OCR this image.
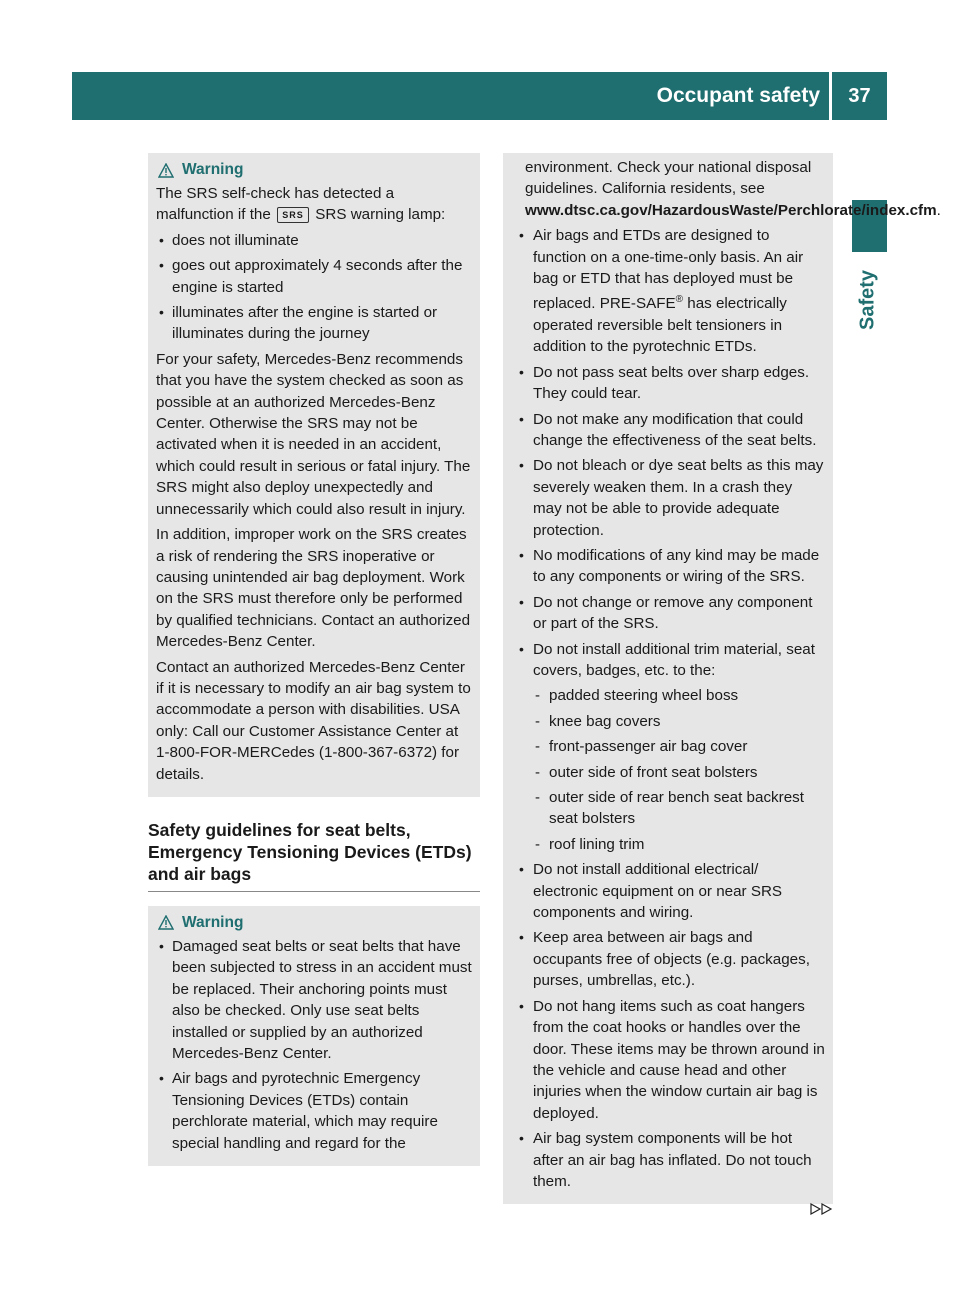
Occupant safety	37
Safety
Warning

The SRS self-check has detected a malfunction if the SRS SRS warning lamp:

• does not illuminate
• goes out approximately 4 seconds after the engine is started
• illuminates after the engine is started or illuminates during the journey

For your safety, Mercedes-Benz recommends that you have the system checked as soon as possible at an authorized Mercedes-Benz Center. Otherwise the SRS may not be activated when it is needed in an accident, which could result in serious or fatal injury. The SRS might also deploy unexpectedly and unnecessarily which could also result in injury.

In addition, improper work on the SRS creates a risk of rendering the SRS inoperative or causing unintended air bag deployment. Work on the SRS must therefore only be performed by qualified technicians. Contact an authorized Mercedes-Benz Center.

Contact an authorized Mercedes-Benz Center if it is necessary to modify an air bag system to accommodate a person with disabilities. USA only: Call our Customer Assistance Center at 1-800-FOR-MERCedes (1-800-367-6372) for details.

Safety guidelines for seat belts, Emergency Tensioning Devices (ETDs) and air bags
Warning
• Damaged seat belts or seat belts that have been subjected to stress in an accident must be replaced. Their anchoring points must also be checked. Only use seat belts installed or supplied by an authorized Mercedes-Benz Center.
• Air bags and pyrotechnic Emergency Tensioning Devices (ETDs) contain perchlorate material, which may require special handling and regard for the

environment. Check your national disposal guidelines. California residents, see www.dtsc.ca.gov/HazardousWaste/Perchlorate/index.cfm.

• Air bags and ETDs are designed to function on a one-time-only basis. An air bag or ETD that has deployed must be replaced. PRE-SAFE® has electrically operated reversible belt tensioners in addition to the pyrotechnic ETDs.
• Do not pass seat belts over sharp edges. They could tear.
• Do not make any modification that could change the effectiveness of the seat belts.
• Do not bleach or dye seat belts as this may severely weaken them. In a crash they may not be able to provide adequate protection.
• No modifications of any kind may be made to any components or wiring of the SRS.
• Do not change or remove any component or part of the SRS.
• Do not install additional trim material, seat covers, badges, etc. to the:
- padded steering wheel boss
- knee bag covers
- front-passenger air bag cover
- outer side of front seat bolsters
- outer side of rear bench seat backrest seat bolsters
- roof lining trim
• Do not install additional electrical/ electronic equipment on or near SRS components and wiring.
• Keep area between air bags and occupants free of objects (e.g. packages, purses, umbrellas, etc.).
• Do not hang items such as coat hangers from the coat hooks or handles over the door. These items may be thrown around in the vehicle and cause head and other injuries when the window curtain air bag is deployed.
• Air bag system components will be hot after an air bag has inflated. Do not touch them.
